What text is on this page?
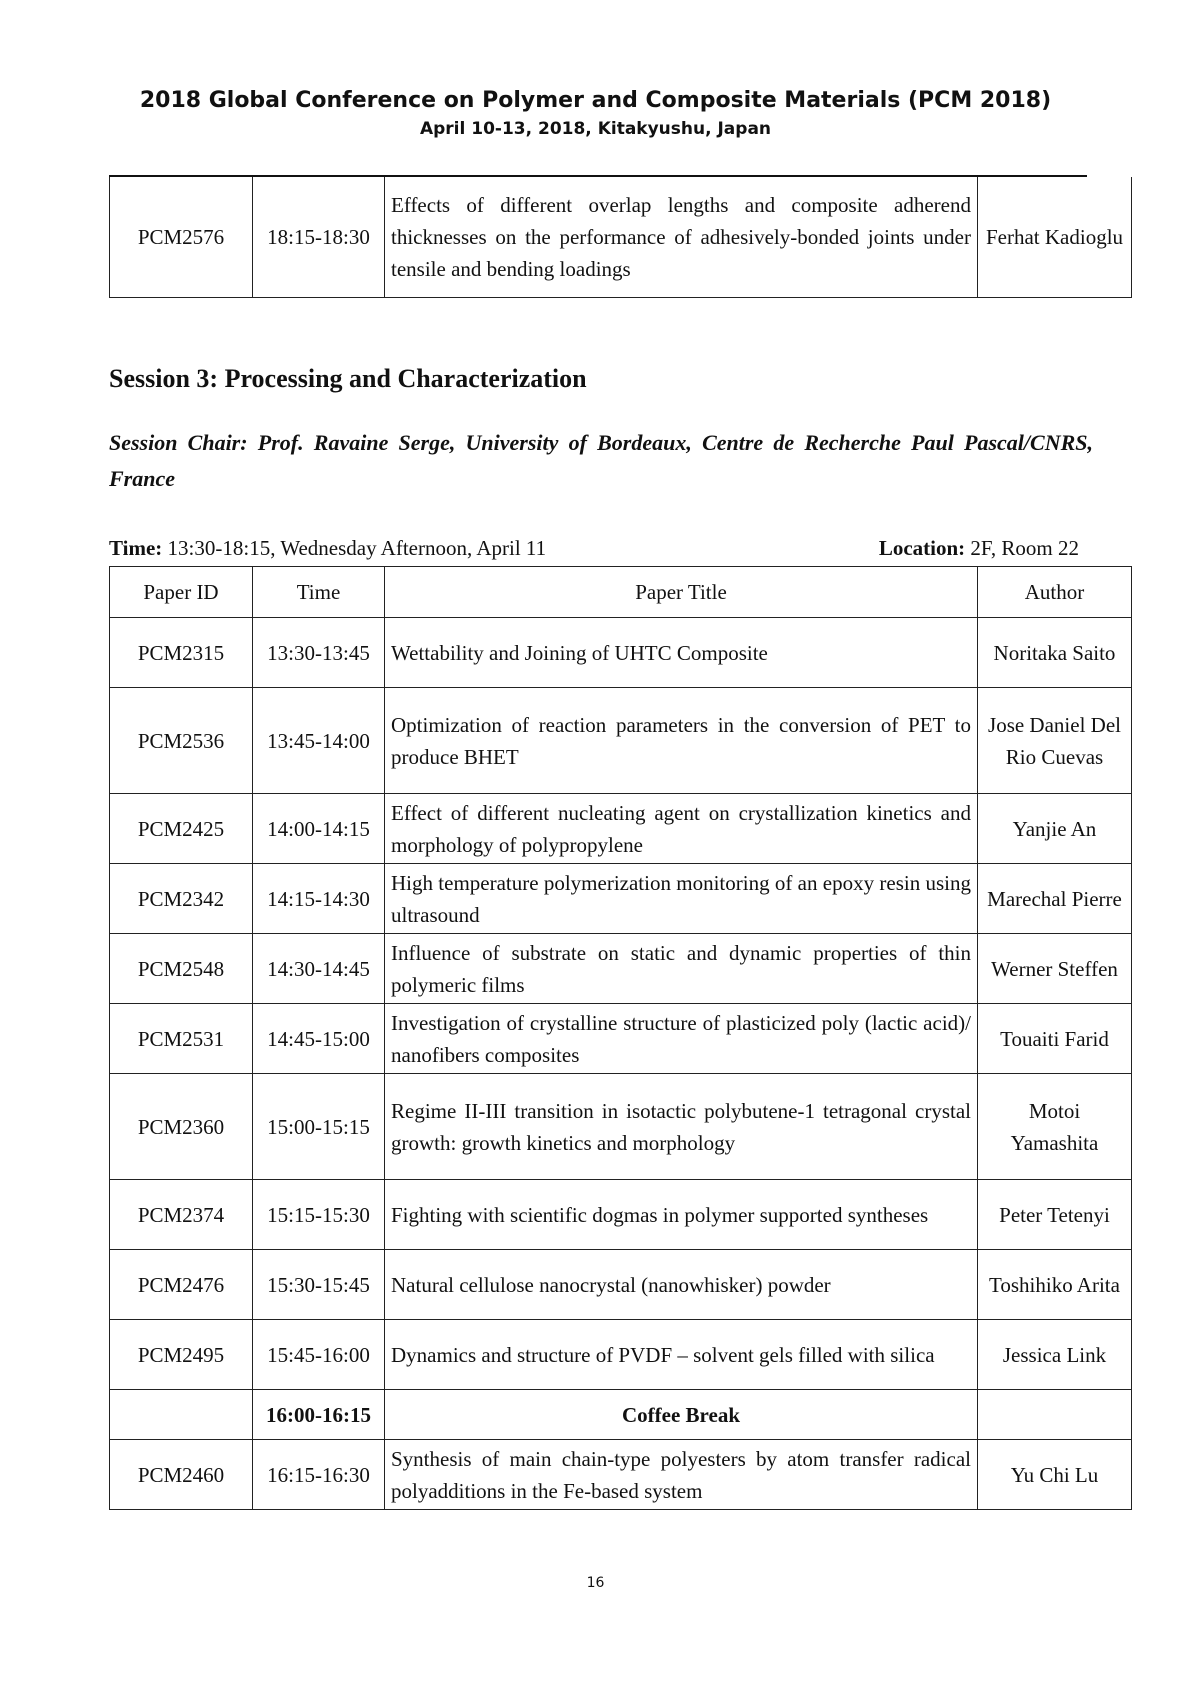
2018 Global Conference on Polymer and Composite Materials (PCM 2018)
April 10-13, 2018, Kitakyushu, Japan
PCM2576	18:15-18:30	Effects of different overlap lengths and composite adherend thicknesses on the performance of adhesively-bonded joints under tensile and bending loadings	Ferhat Kadioglu
Session 3: Processing and Characterization
Session Chair: Prof. Ravaine Serge, University of Bordeaux, Centre de Recherche Paul Pascal/CNRS, France
Time: 13:30-18:15, Wednesday Afternoon, April 11	Location: 2F, Room 22
Paper ID	Time	Paper Title	Author
PCM2315	13:30-13:45	Wettability and Joining of UHTC Composite	Noritaka Saito
PCM2536	13:45-14:00	Optimization of reaction parameters in the conversion of PET to produce BHET	Jose Daniel Del Rio Cuevas
PCM2425	14:00-14:15	Effect of different nucleating agent on crystallization kinetics and morphology of polypropylene	Yanjie An
PCM2342	14:15-14:30	High temperature polymerization monitoring of an epoxy resin using ultrasound	Marechal Pierre
PCM2548	14:30-14:45	Influence of substrate on static and dynamic properties of thin polymeric films	Werner Steffen
PCM2531	14:45-15:00	Investigation of crystalline structure of plasticized poly (lactic acid)/ nanofibers composites	Touaiti Farid
PCM2360	15:00-15:15	Regime II-III transition in isotactic polybutene-1 tetragonal crystal growth: growth kinetics and morphology	Motoi Yamashita
PCM2374	15:15-15:30	Fighting with scientific dogmas in polymer supported syntheses	Peter Tetenyi
PCM2476	15:30-15:45	Natural cellulose nanocrystal (nanowhisker) powder	Toshihiko Arita
PCM2495	15:45-16:00	Dynamics and structure of PVDF – solvent gels filled with silica	Jessica Link
	16:00-16:15	Coffee Break	
PCM2460	16:15-16:30	Synthesis of main chain-type polyesters by atom transfer radical polyadditions in the Fe-based system	Yu Chi Lu
16
